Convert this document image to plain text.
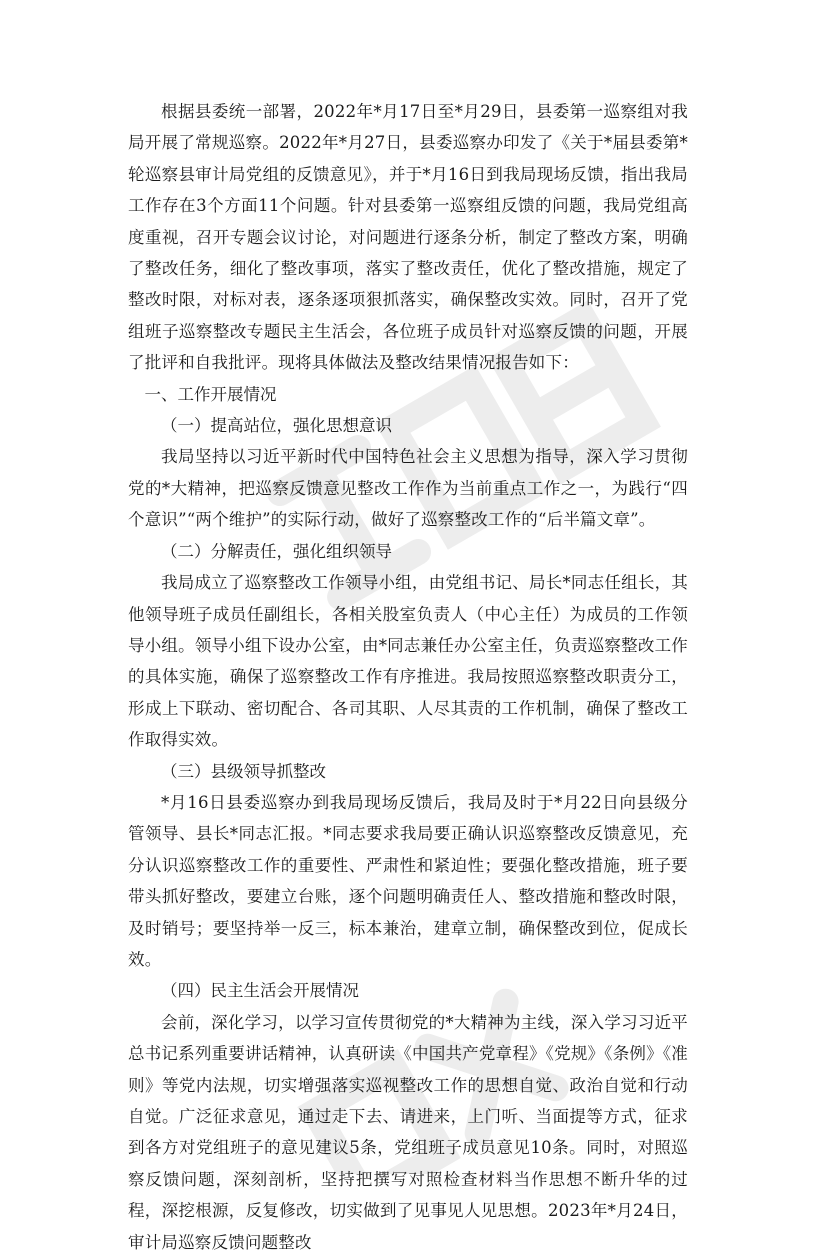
根据县委统一部署，2022年*月17日至*月29日，县委第一巡察组对我局开展了常规巡察。2022年*月27日，县委巡察办印发了《关于*届县委第*轮巡察县审计局党组的反馈意见》，并于*月16日到我局现场反馈，指出我局工作存在3个方面11个问题。针对县委第一巡察组反馈的问题，我局党组高度重视，召开专题会议讨论，对问题进行逐条分析，制定了整改方案，明确了整改任务，细化了整改事项，落实了整改责任，优化了整改措施，规定了整改时限，对标对表，逐条逐项狠抓落实，确保整改实效。同时，召开了党组班子巡察整改专题民主生活会，各位班子成员针对巡察反馈的问题，开展了批评和自我批评。现将具体做法及整改结果情况报告如下：

一、工作开展情况

（一）提高站位，强化思想意识

我局坚持以习近平新时代中国特色社会主义思想为指导，深入学习贯彻党的*大精神，把巡察反馈意见整改工作作为当前重点工作之一，为践行“四个意识”“两个维护”的实际行动，做好了巡察整改工作的“后半篇文章”。

（二）分解责任，强化组织领导

我局成立了巡察整改工作领导小组，由党组书记、局长*同志任组长，其他领导班子成员任副组长，各相关股室负责人（中心主任）为成员的工作领导小组。领导小组下设办公室，由*同志兼任办公室主任，负责巡察整改工作的具体实施，确保了巡察整改工作有序推进。我局按照巡察整改职责分工，形成上下联动、密切配合、各司其职、人尽其责的工作机制，确保了整改工作取得实效。

（三）县级领导抓整改

*月16日县委巡察办到我局现场反馈后，我局及时于*月22日向县级分管领导、县长*同志汇报。*同志要求我局要正确认识巡察整改反馈意见，充分认识巡察整改工作的重要性、严肃性和紧迫性；要强化整改措施，班子要带头抓好整改，要建立台账，逐个问题明确责任人、整改措施和整改时限，及时销号；要坚持举一反三，标本兼治，建章立制，确保整改到位，促成长效。

（四）民主生活会开展情况

会前，深化学习，以学习宣传贯彻党的*大精神为主线，深入学习习近平总书记系列重要讲话精神，认真研读《中国共产党章程》《党规》《条例》《准则》等党内法规，切实增强落实巡视整改工作的思想自觉、政治自觉和行动自觉。广泛征求意见，通过走下去、请进来，上门听、当面提等方式，征求到各方对党组班子的意见建议5条，党组班子成员意见10条。同时，对照巡察反馈问题，深刻剖析，坚持把撰写对照检查材料当作思想不断升华的过程，深挖根源，反复修改，切实做到了见事见人见思想。2023年*月24日，审计局巡察反馈问题整改
